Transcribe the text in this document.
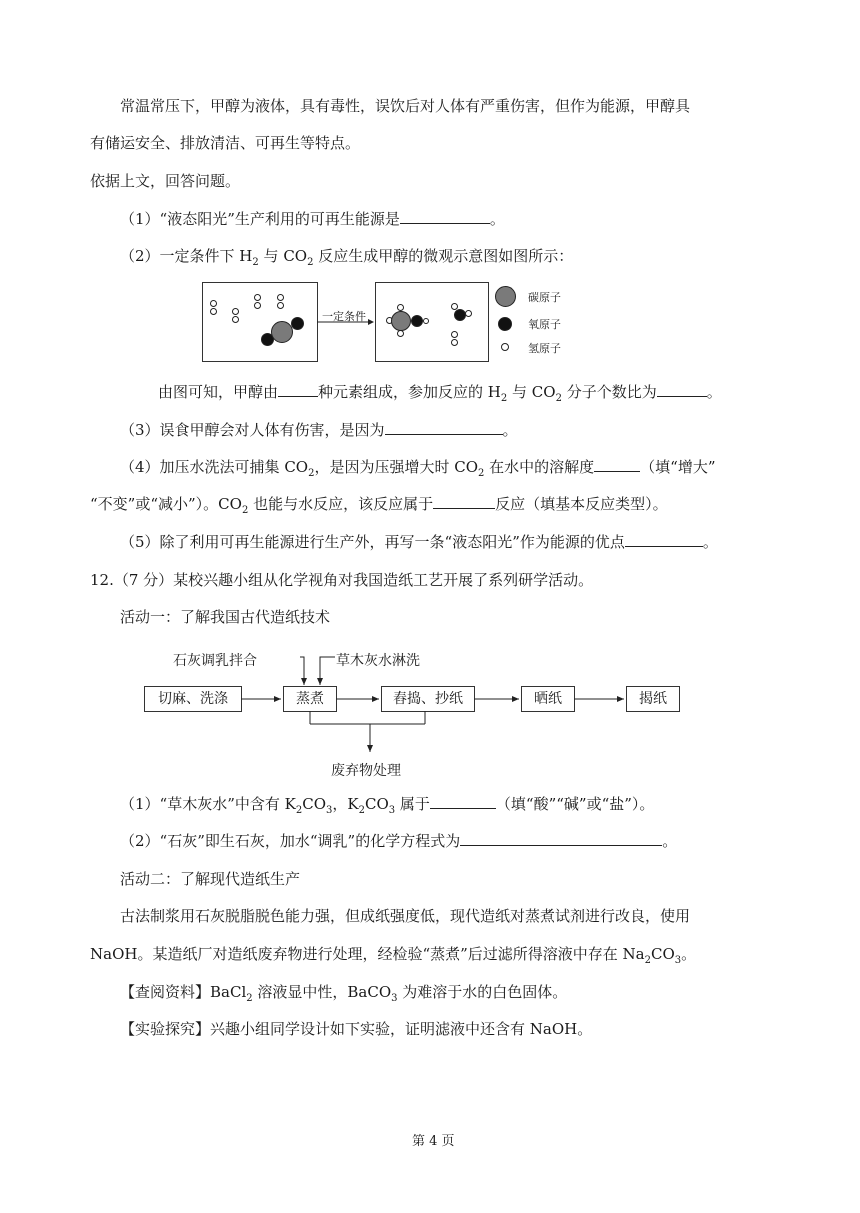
常温常压下，甲醇为液体，具有毒性，误饮后对人体有严重伤害，但作为能源，甲醇具
有储运安全、排放清洁、可再生等特点。
依据上文，回答问题。
（1）“液态阳光”生产利用的可再生能源是	。
（2）一定条件下 $H_2$ 与 $CO_2$ 反应生成甲醇的微观示意图如图所示：
一定条件
碳原子
氧原子
氢原子
由图可知，甲醇由	种元素组成，参加反应的 $H_2$ 与 $CO_2$ 分子个数比为	。
（3）误食甲醇会对人体有伤害，是因为	。
（4）加压水洗法可捕集 $CO_2$，是因为压强增大时 $CO_2$ 在水中的溶解度	（填“增大”
“不变”或“减小”）。$CO_2$ 也能与水反应，该反应属于	反应（填基本反应类型）。
（5）除了利用可再生能源进行生产外，再写一条“液态阳光”作为能源的优点	。
12.（7 分）某校兴趣小组从化学视角对我国造纸工艺开展了系列研学活动。
活动一：了解我国古代造纸技术
石灰调乳拌合	草木灰水淋洗
切麻、洗涤	蒸煮	舂捣、抄纸	晒纸	揭纸
废弃物处理
（1）“草木灰水”中含有 $K_2CO_3$，$K_2CO_3$ 属于	（填“酸”“碱”或“盐”）。
（2）“石灰”即生石灰，加水“调乳”的化学方程式为	。
活动二：了解现代造纸生产
古法制浆用石灰脱脂脱色能力强，但成纸强度低，现代造纸对蒸煮试剂进行改良，使用
NaOH。某造纸厂对造纸废弃物进行处理，经检验“蒸煮”后过滤所得溶液中存在 $Na_2CO_3$。
【查阅资料】BaCl$_2$ 溶液显中性，BaCO$_3$ 为难溶于水的白色固体。
【实验探究】兴趣小组同学设计如下实验，证明滤液中还含有 NaOH。
第 4 页
